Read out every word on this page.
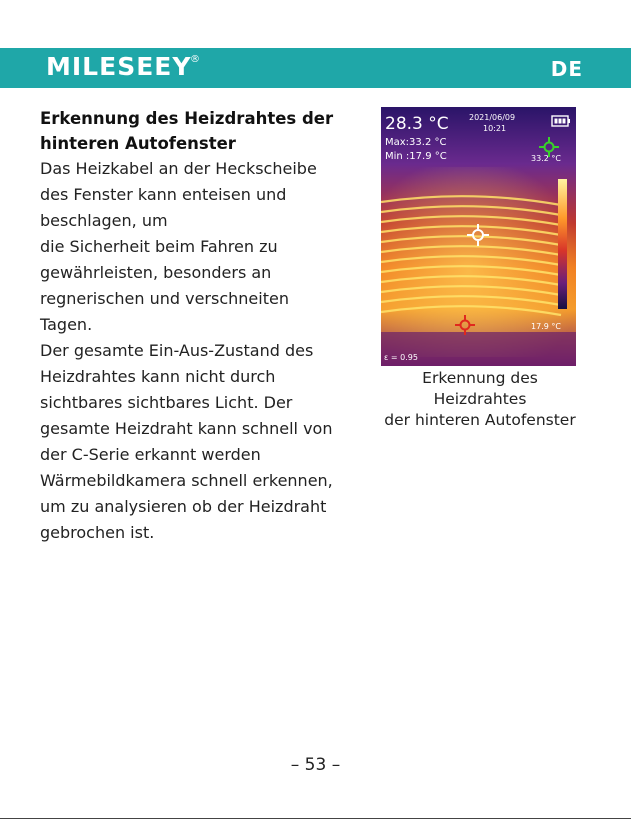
MILESEEY
®	DE
Erkennung des Heizdrahtes der
hinteren Autofenster
Das Heizkabel an der Heckscheibe
des Fenster kann enteisen und
beschlagen, um
die Sicherheit beim Fahren zu
gewährleisten, besonders an
regnerischen und verschneiten
Tagen.
Der gesamte Ein-Aus-Zustand des
Heizdrahtes kann nicht durch
sichtbares sichtbares Licht. Der
gesamte Heizdraht kann schnell von
der C-Serie erkannt werden
Wärmebildkamera schnell erkennen,
um zu analysieren ob der Heizdraht
gebrochen ist.
28.3 °C	2021/06/09
10:21
Max:33.2 °C
Min :17.9 °C	33.2 °C
17.9 °C
ε = 0.95
Erkennung des
Heizdrahtes
der hinteren Autofenster
– 53 –
